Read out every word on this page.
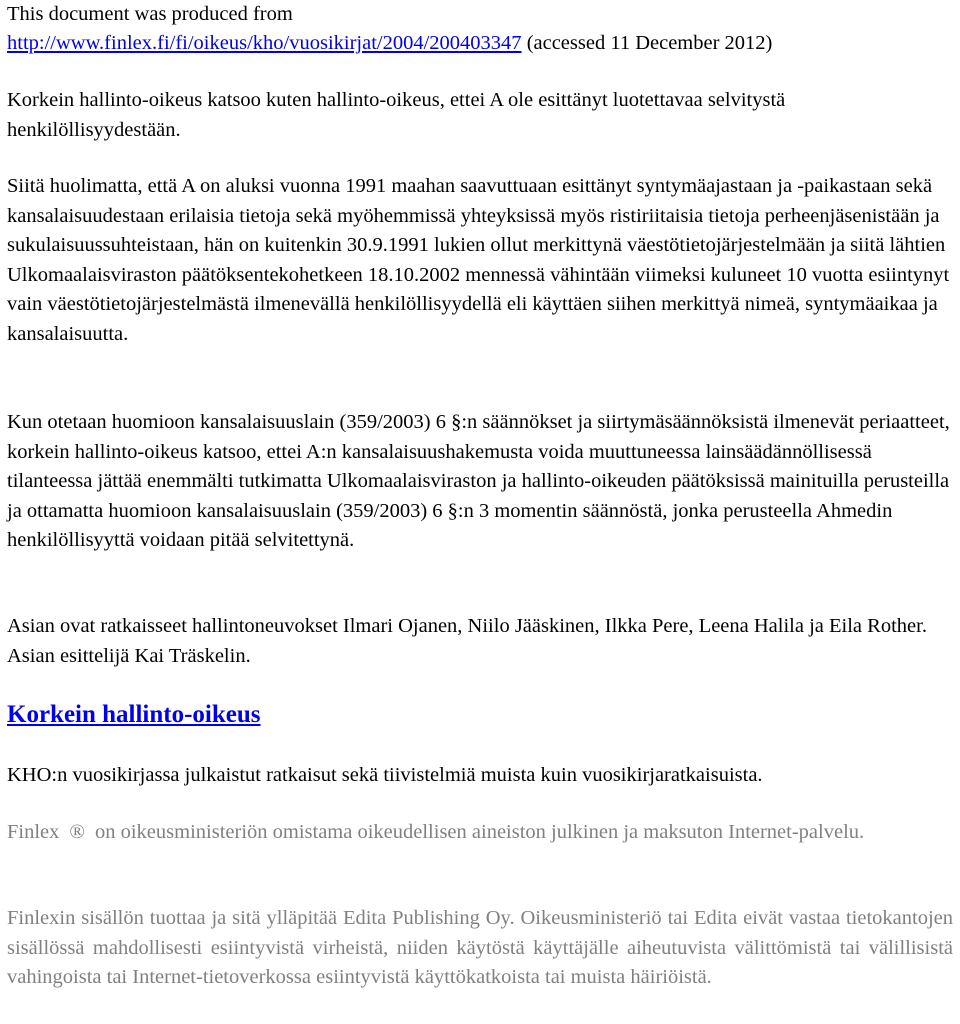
This document was produced from

http://www.finlex.fi/fi/oikeus/kho/vuosikirjat/2004/200403347 (accessed 11 December 2012)

Korkein hallinto-oikeus katsoo kuten hallinto-oikeus, ettei A ole esittänyt luotettavaa selvitystä henkilöllisyydestään.

Siitä huolimatta, että A on aluksi vuonna 1991 maahan saavuttuaan esittänyt syntymäajastaan ja -paikastaan sekä kansalaisuudestaan erilaisia tietoja sekä myöhemmissä yhteyksissä myös ristiriitaisia tietoja perheenjäsenistään ja sukulaisuussuhteistaan, hän on kuitenkin 30.9.1991 lukien ollut merkittynä väestötietojärjestelmään ja siitä lähtien Ulkomaalaisviraston päätöksentekohetkeen 18.10.2002 mennessä vähintään viimeksi kuluneet 10 vuotta esiintynyt vain väestötietojärjestelmästä ilmenevällä henkilöllisyydellä eli käyttäen siihen merkittyä nimeä, syntymäaikaa ja kansalaisuutta.

Kun otetaan huomioon kansalaisuuslain (359/2003) 6 §:n säännökset ja siirtymäsäännöksistä ilmenevät periaatteet, korkein hallinto-oikeus katsoo, ettei A:n kansalaisuushakemusta voida muuttuneessa lainsäädännöllisessä tilanteessa jättää enemmälti tutkimatta Ulkomaalaisviraston ja hallinto-oikeuden päätöksissä mainituilla perusteilla ja ottamatta huomioon kansalaisuuslain (359/2003) 6 §:n 3 momentin säännöstä, jonka perusteella Ahmedin henkilöllisyyttä voidaan pitää selvitettynä.

Asian ovat ratkaisseet hallintoneuvokset Ilmari Ojanen, Niilo Jääskinen, Ilkka Pere, Leena Halila ja Eila Rother. Asian esittelijä Kai Träskelin.

Korkein hallinto-oikeus

KHO:n vuosikirjassa julkaistut ratkaisut sekä tiivistelmiä muista kuin vuosikirjaratkaisuista.

Finlex ® on oikeusministeriön omistama oikeudellisen aineiston julkinen ja maksuton Internet-palvelu.

Finlexin sisällön tuottaa ja sitä ylläpitää Edita Publishing Oy. Oikeusministeriö tai Edita eivät vastaa tietokantojen sisällössä mahdollisesti esiintyvistä virheistä, niiden käytöstä käyttäjälle aiheutuvista välittömistä tai välillisistä vahingoista tai Internet-tietoverkossa esiintyvistä käyttökatkoista tai muista häiriöistä.
